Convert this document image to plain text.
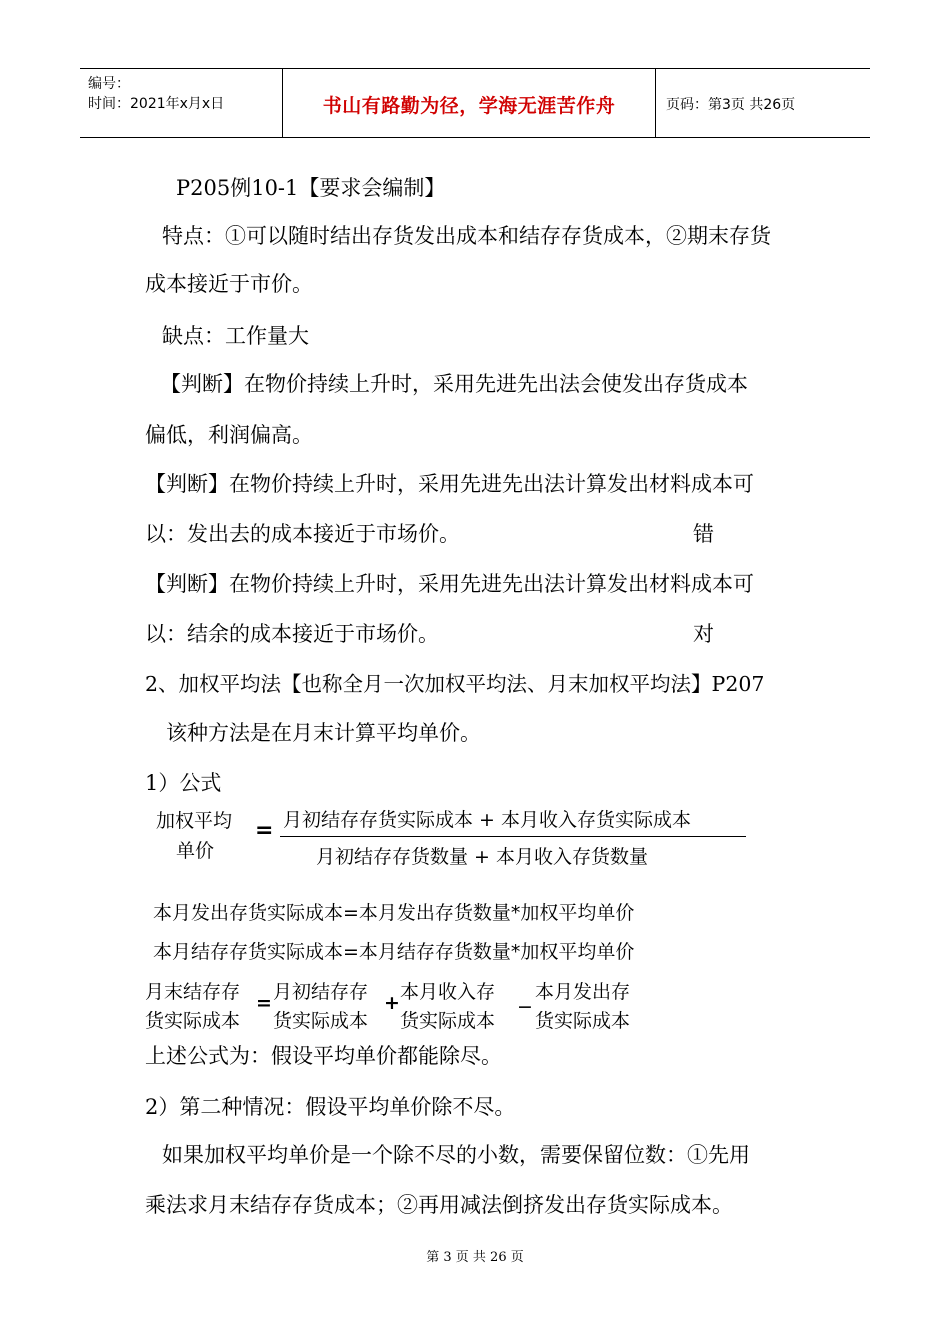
编号：
时间：2021年x月x日	书山有路勤为径，学海无涯苦作舟	页码：第3页 共26页
P205例10-1【要求会编制】
特点：①可以随时结出存货发出成本和结存存货成本，②期末存货
成本接近于市价。
缺点：工作量大
【判断】在物价持续上升时，采用先进先出法会使发出存货成本
偏低，利润偏高。
【判断】在物价持续上升时，采用先进先出法计算发出材料成本可
以：发出去的成本接近于市场价。	错
【判断】在物价持续上升时，采用先进先出法计算发出材料成本可
以：结余的成本接近于市场价。	对
2、加权平均法【也称全月一次加权平均法、月末加权平均法】P207
该种方法是在月末计算平均单价。
1）公式
加权平均
单价
= 月初结存存货实际成本 + 本月收入存货实际成本
月初结存存货数量 + 本月收入存货数量
本月发出存货实际成本=本月发出存货数量*加权平均单价
本月结存存货实际成本=本月结存存货数量*加权平均单价
月末结存存
货实际成本
= 月初结存存
货实际成本
+ 本月收入存
货实际成本
−
本月发出存
货实际成本
上述公式为：假设平均单价都能除尽。
2）第二种情况：假设平均单价除不尽。
如果加权平均单价是一个除不尽的小数，需要保留位数：①先用
乘法求月末结存存货成本；②再用减法倒挤发出存货实际成本。
第 3 页 共 26 页
